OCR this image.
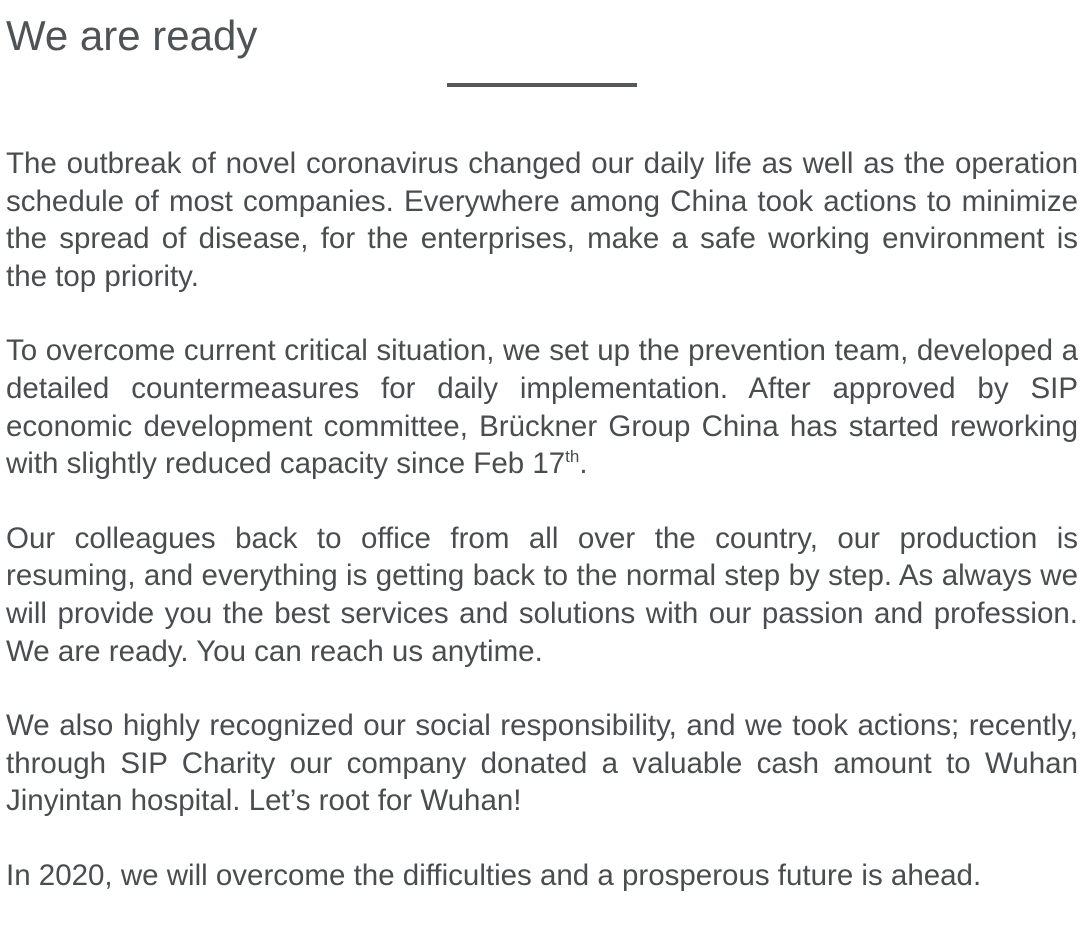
We are ready

The outbreak of novel coronavirus changed our daily life as well as the operation schedule of most companies. Everywhere among China took actions to minimize the spread of disease, for the enterprises, make a safe working environment is the top priority.

To overcome current critical situation, we set up the prevention team, developed a detailed countermeasures for daily implementation. After approved by SIP economic development committee, Brückner Group China has started reworking with slightly reduced capacity since Feb 17th.

Our colleagues back to office from all over the country, our production is resuming, and everything is getting back to the normal step by step. As always we will provide you the best services and solutions with our passion and profession. We are ready. You can reach us anytime.

We also highly recognized our social responsibility, and we took actions; recently, through SIP Charity our company donated a valuable cash amount to Wuhan Jinyintan hospital. Let’s root for Wuhan!

In 2020, we will overcome the difficulties and a prosperous future is ahead.
